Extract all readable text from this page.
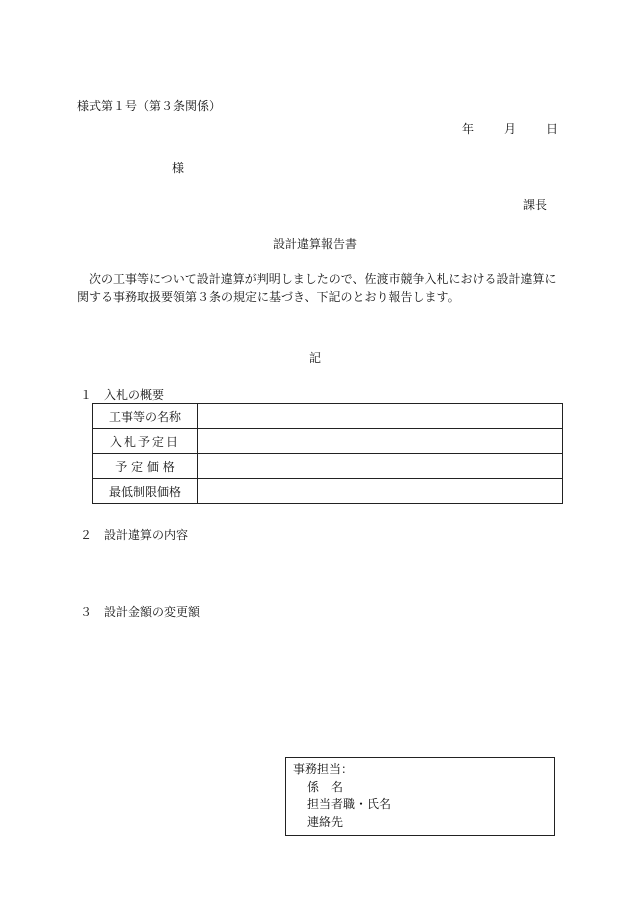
様式第１号（第３条関係）
年 月 日
様
課長
設計違算報告書
　次の工事等について設計違算が判明しましたので、佐渡市競争入札における設計違算に関する事務取扱要領第３条の規定に基づき、下記のとおり報告します。
記
１ 入札の概要
工事等の名称	
入札予定日	
予 定 価 格	
最低制限価格	
２ 設計違算の内容
３ 設計金額の変更額
事務担当：
係　名
担当者職・氏名
連絡先
